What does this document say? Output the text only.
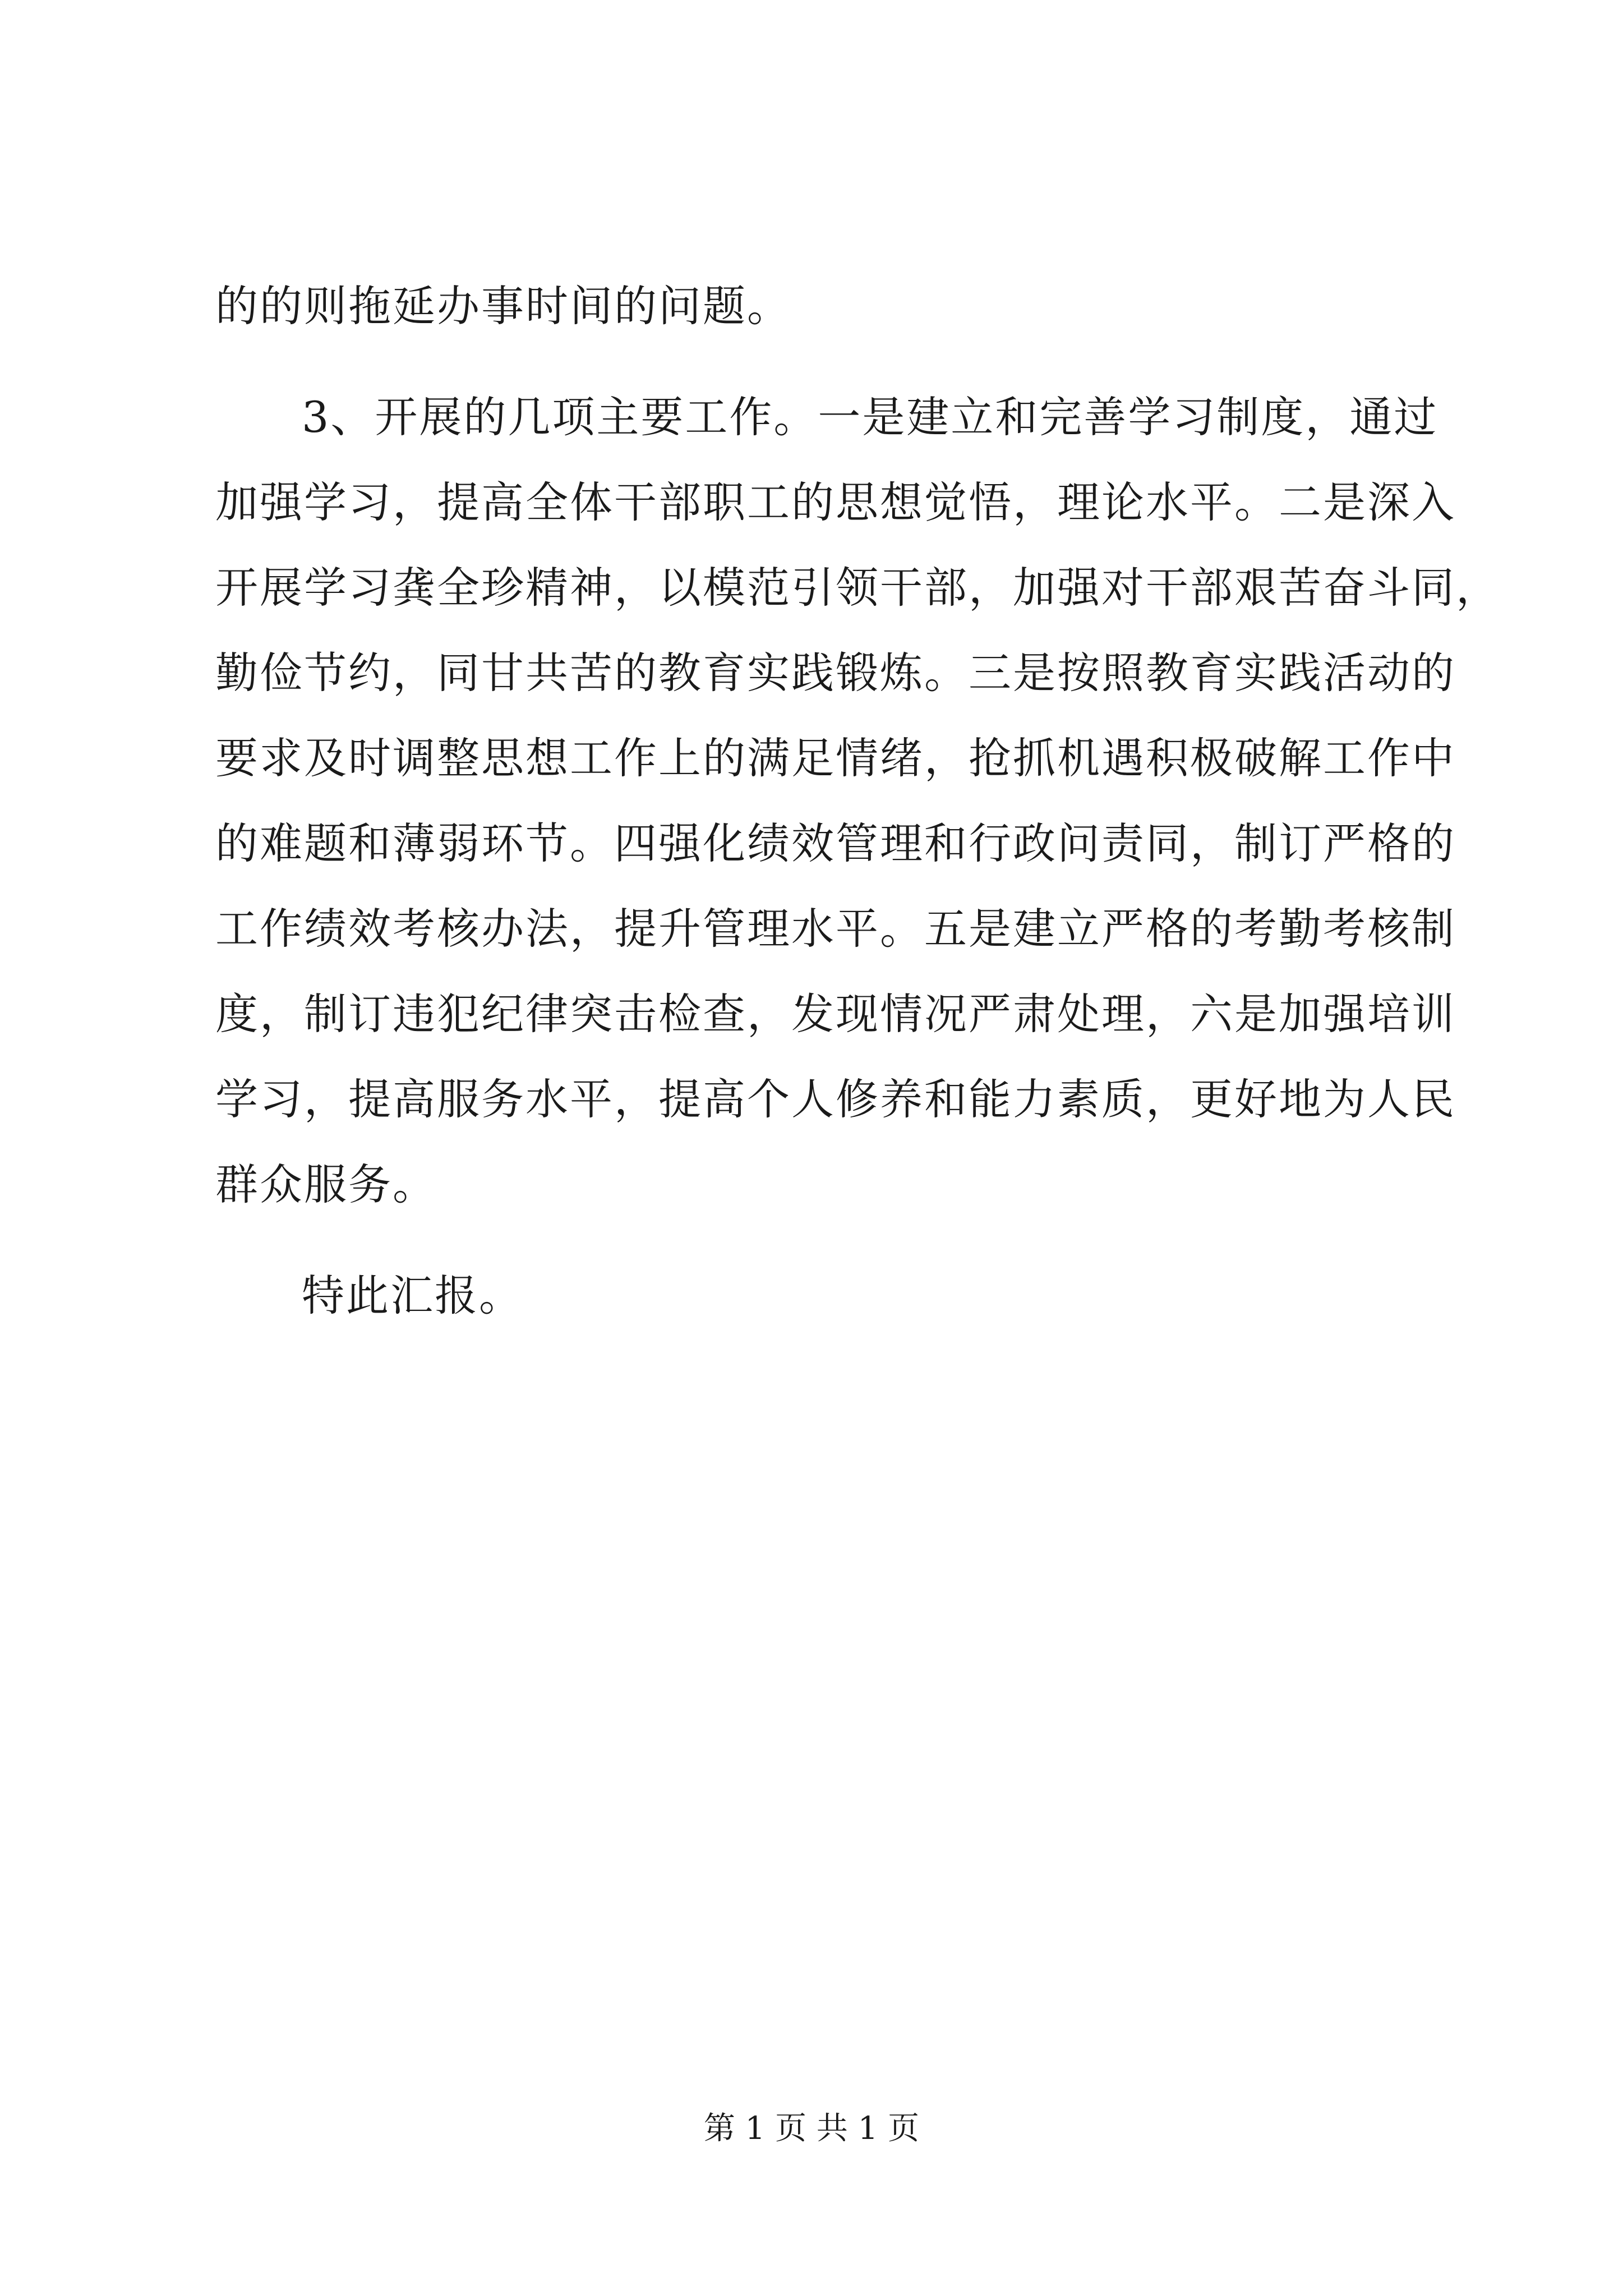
的的则拖延办事时间的问题。
3、开展的几项主要工作。一是建立和完善学习制度，通过
加强学习，提高全体干部职工的思想觉悟，理论水平。二是深入
开展学习龚全珍精神，以模范引领干部，加强对干部艰苦奋斗同，
勤俭节约，同甘共苦的教育实践锻炼。三是按照教育实践活动的
要求及时调整思想工作上的满足情绪，抢抓机遇积极破解工作中
的难题和薄弱环节。四强化绩效管理和行政问责同，制订严格的
工作绩效考核办法，提升管理水平。五是建立严格的考勤考核制
度，制订违犯纪律突击检查，发现情况严肃处理，六是加强培训
学习，提高服务水平，提高个人修养和能力素质，更好地为人民
群众服务。
特此汇报。
第 1 页 共 1 页
